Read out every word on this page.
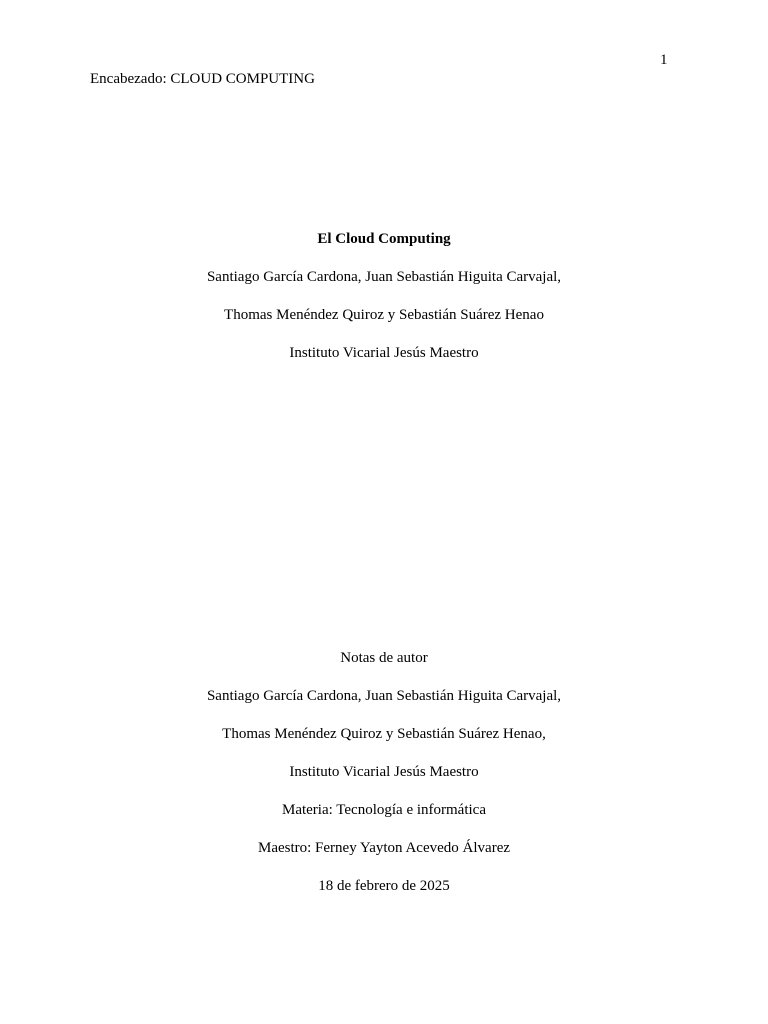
1
Encabezado: CLOUD COMPUTING
El Cloud Computing
Santiago García Cardona, Juan Sebastián Higuita Carvajal,
Thomas Menéndez Quiroz y Sebastián Suárez Henao
Instituto Vicarial Jesús Maestro
Notas de autor
Santiago García Cardona, Juan Sebastián Higuita Carvajal,
Thomas Menéndez Quiroz y Sebastián Suárez Henao,
Instituto Vicarial Jesús Maestro
Materia: Tecnología e informática
Maestro: Ferney Yayton Acevedo Álvarez
18 de febrero de 2025
